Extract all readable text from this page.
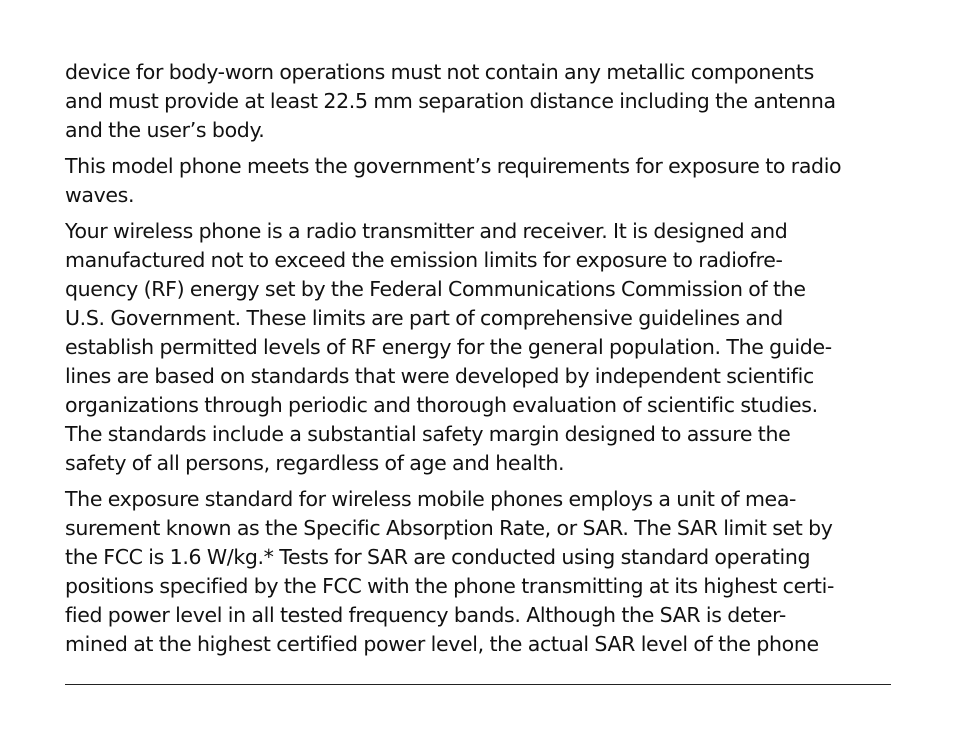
device for body-worn operations must not contain any metallic components
and must provide at least 22.5 mm separation distance including the antenna
and the user’s body.

This model phone meets the government’s requirements for exposure to radio
waves.

Your wireless phone is a radio transmitter and receiver. It is designed and
manufactured not to exceed the emission limits for exposure to radiofre-
quency (RF) energy set by the Federal Communications Commission of the
U.S. Government. These limits are part of comprehensive guidelines and
establish permitted levels of RF energy for the general population. The guide-
lines are based on standards that were developed by independent scientific
organizations through periodic and thorough evaluation of scientific studies.
The standards include a substantial safety margin designed to assure the
safety of all persons, regardless of age and health.

The exposure standard for wireless mobile phones employs a unit of mea-
surement known as the Specific Absorption Rate, or SAR. The SAR limit set by
the FCC is 1.6 W/kg.* Tests for SAR are conducted using standard operating
positions specified by the FCC with the phone transmitting at its highest certi-
fied power level in all tested frequency bands. Although the SAR is deter-
mined at the highest certified power level, the actual SAR level of the phone
